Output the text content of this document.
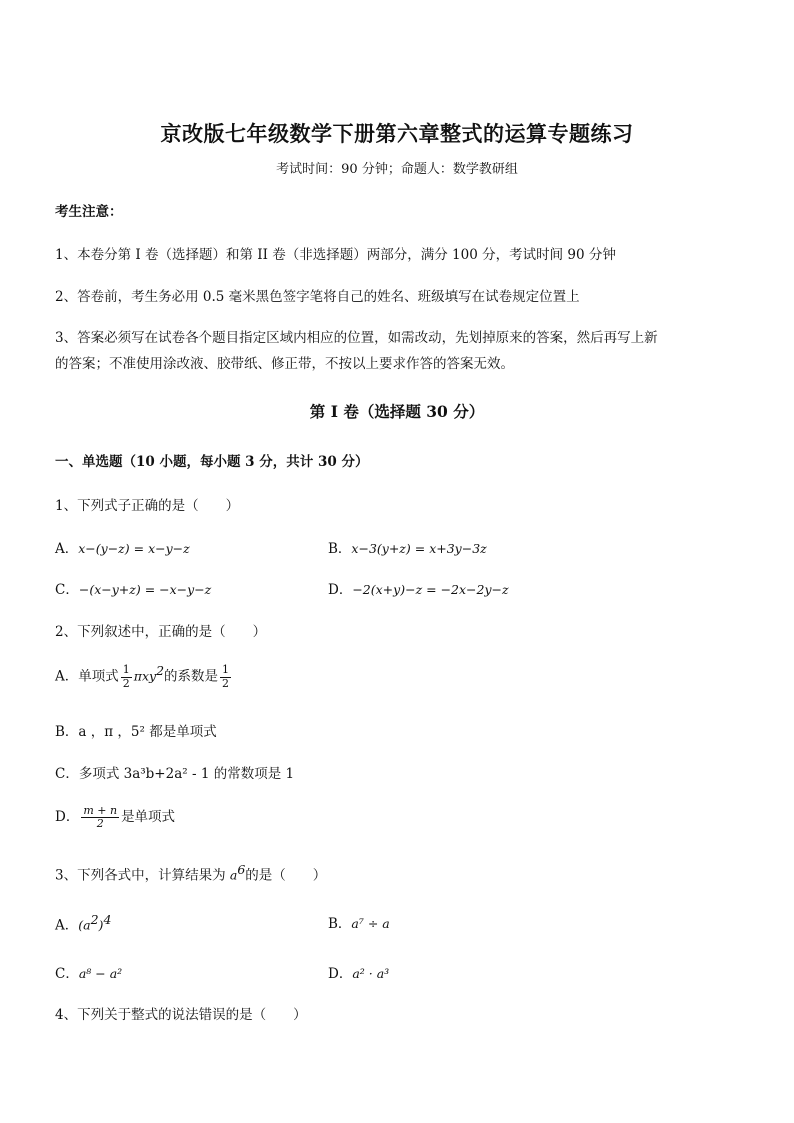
京改版七年级数学下册第六章整式的运算专题练习
考试时间：90 分钟；命题人：数学教研组
考生注意：
1、本卷分第 I 卷（选择题）和第 II 卷（非选择题）两部分，满分 100 分，考试时间 90 分钟
2、答卷前，考生务必用 0.5 毫米黑色签字笔将自己的姓名、班级填写在试卷规定位置上
3、答案必须写在试卷各个题目指定区域内相应的位置，如需改动，先划掉原来的答案，然后再写上新
的答案；不准使用涂改液、胶带纸、修正带，不按以上要求作答的答案无效。
第 I 卷（选择题 30 分）
一、单选题（10 小题，每小题 3 分，共计 30 分）
1、下列式子正确的是（　　）
A．x−(y−z) = x−y−z	B．x−3(y+z) = x+3y−3z
C．−(x−y+z) = −x−y−z	D．−2(x+y)−z = −2x−2y−z
2、下列叙述中，正确的是（　　）
A．单项式 $\frac{1}{2} \pi xy^2$的系数是 $\frac{1}{2}$
B．a ，π ，5² 都是单项式
C．多项式 3a³b+2a² - 1 的常数项是 1
D． $\frac{m + n}{2}$ 是单项式
3、下列各式中，计算结果为 $a^6$的是（　　）
A．$(a^2)^4$	B．a⁷ ÷ a
C．a⁸ − a²	D．a² · a³
4、下列关于整式的说法错误的是（　　）
